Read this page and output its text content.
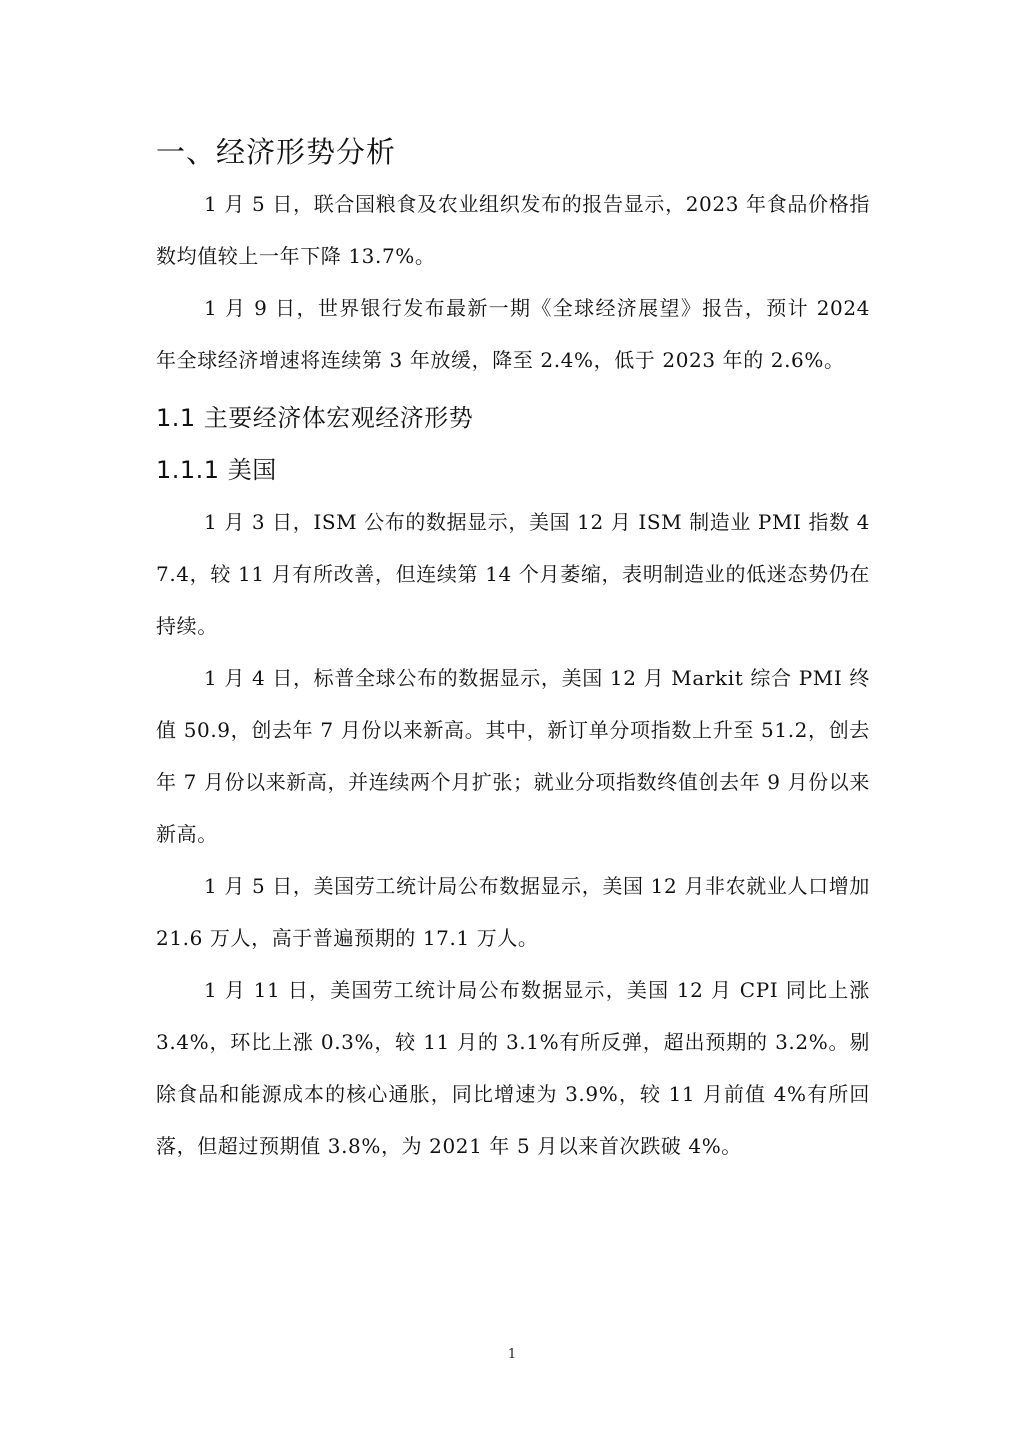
一、经济形势分析

1 月 5 日，联合国粮食及农业组织发布的报告显示，2023 年食品价格指数均值较上一年下降 13.7%。

1 月 9 日，世界银行发布最新一期《全球经济展望》报告，预计 2024 年全球经济增速将连续第 3 年放缓，降至 2.4%，低于 2023 年的 2.6%。

1.1 主要经济体宏观经济形势
1.1.1 美国

1 月 3 日，ISM 公布的数据显示，美国 12 月 ISM 制造业 PMI 指数 47.4，较 11 月有所改善，但连续第 14 个月萎缩，表明制造业的低迷态势仍在持续。

1 月 4 日，标普全球公布的数据显示，美国 12 月 Markit 综合 PMI 终值 50.9，创去年 7 月份以来新高。其中，新订单分项指数上升至 51.2，创去年 7 月份以来新高，并连续两个月扩张；就业分项指数终值创去年 9 月份以来新高。

1 月 5 日，美国劳工统计局公布数据显示，美国 12 月非农就业人口增加 21.6 万人，高于普遍预期的 17.1 万人。

1 月 11 日，美国劳工统计局公布数据显示，美国 12 月 CPI 同比上涨 3.4%，环比上涨 0.3%，较 11 月的 3.1%有所反弹，超出预期的 3.2%。剔除食品和能源成本的核心通胀，同比增速为 3.9%，较 11 月前值 4%有所回落，但超过预期值 3.8%，为 2021 年 5 月以来首次跌破 4%。

1
